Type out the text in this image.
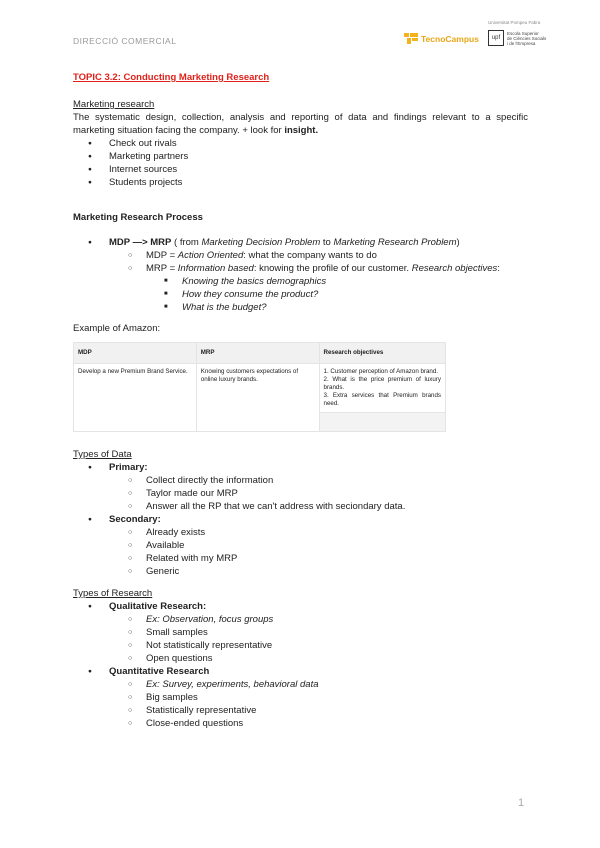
DIRECCIÓ COMERCIAL	TecnoCampus
Universitat Pompeu Fabra
upf
Escola Superior
de Ciències Socials
i de l'Empresa
TOPIC 3.2: Conducting Marketing Research
Marketing research
The systematic design, collection, analysis and reporting of data and findings relevant to a specific marketing situation facing the company. + look for insight.
● Check out rivals
● Marketing partners
● Internet sources
● Students projects
Marketing Research Process
● MDP —> MRP ( from Marketing Decision Problem to Marketing Research Problem)
○ MDP = Action Oriented: what the company wants to do
○ MRP = Information based: knowing the profile of our customer. Research objectives:
■ Knowing the basics demographics
■ How they consume the product?
■ What is the budget?
Example of Amazon:
MDP	MRP	Research objectives
Develop a new Premium Brand Service.	Knowing customers expectations of online luxury brands.	1. Customer perception of Amazon brand.
2. What is the price premium of luxury brands.
3. Extra services that Premium brands need.
Types of Data
● Primary:
○ Collect directly the information
○ Taylor made our MRP
○ Answer all the RP that we can't address with seciondary data.
● Secondary:
○ Already exists
○ Available
○ Related with my MRP
○ Generic
Types of Research
● Qualitative Research:
○ Ex: Observation, focus groups
○ Small samples
○ Not statistically representative
○ Open questions
● Quantitative Research
○ Ex: Survey, experiments, behavioral data
○ Big samples
○ Statistically representative
○ Close-ended questions
1
